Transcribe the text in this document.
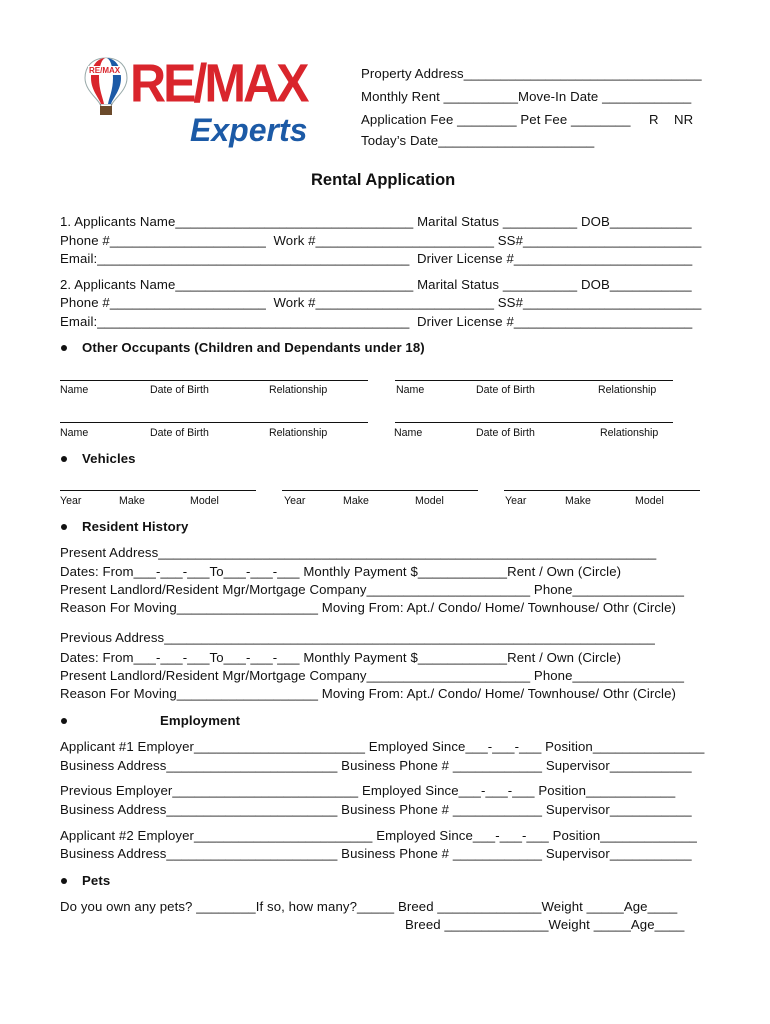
RE/MAX

RE/MAX

Experts

Property Address________________________________
Monthly Rent __________Move-In Date ____________
Application Fee ________ Pet Fee ________ R NR
Today’s Date_____________________
Rental Application
1. Applicants Name________________________________ Marital Status __________ DOB___________
Phone #_____________________  Work #________________________ SS#________________________
Email:__________________________________________  Driver License #________________________
2. Applicants Name________________________________ Marital Status __________ DOB___________
Phone #_____________________  Work #________________________ SS#________________________
Email:__________________________________________  Driver License #________________________
Other Occupants (Children and Dependants under 18)
Name	Date of Birth	Relationship	Name	Date of Birth	Relationship
Name	Date of Birth	Relationship	Name	Date of Birth	Relationship
Vehicles
Year	Make	Model	Year	Make	Model	Year	Make	Model
Resident History
Present Address___________________________________________________________________
Dates: From___-___-___To___-___-___ Monthly Payment $____________Rent / Own (Circle)
Present Landlord/Resident Mgr/Mortgage Company______________________ Phone_______________
Reason For Moving___________________ Moving From: Apt./ Condo/ Home/ Townhouse/ Othr (Circle)
Previous Address__________________________________________________________________
Dates: From___-___-___To___-___-___ Monthly Payment $____________Rent / Own (Circle)
Present Landlord/Resident Mgr/Mortgage Company______________________ Phone_______________
Reason For Moving___________________ Moving From: Apt./ Condo/ Home/ Townhouse/ Othr (Circle)
Employment
Applicant #1 Employer_______________________ Employed Since___-___-___ Position_______________
Business Address_______________________ Business Phone # ____________ Supervisor___________
Previous Employer_________________________ Employed Since___-___-___ Position____________
Business Address_______________________ Business Phone # ____________ Supervisor___________
Applicant #2 Employer________________________ Employed Since___-___-___ Position_____________
Business Address_______________________ Business Phone # ____________ Supervisor___________
Pets
Do you own any pets? ________If so, how many?_____ Breed ______________Weight _____Age____
Breed ______________Weight _____Age____
